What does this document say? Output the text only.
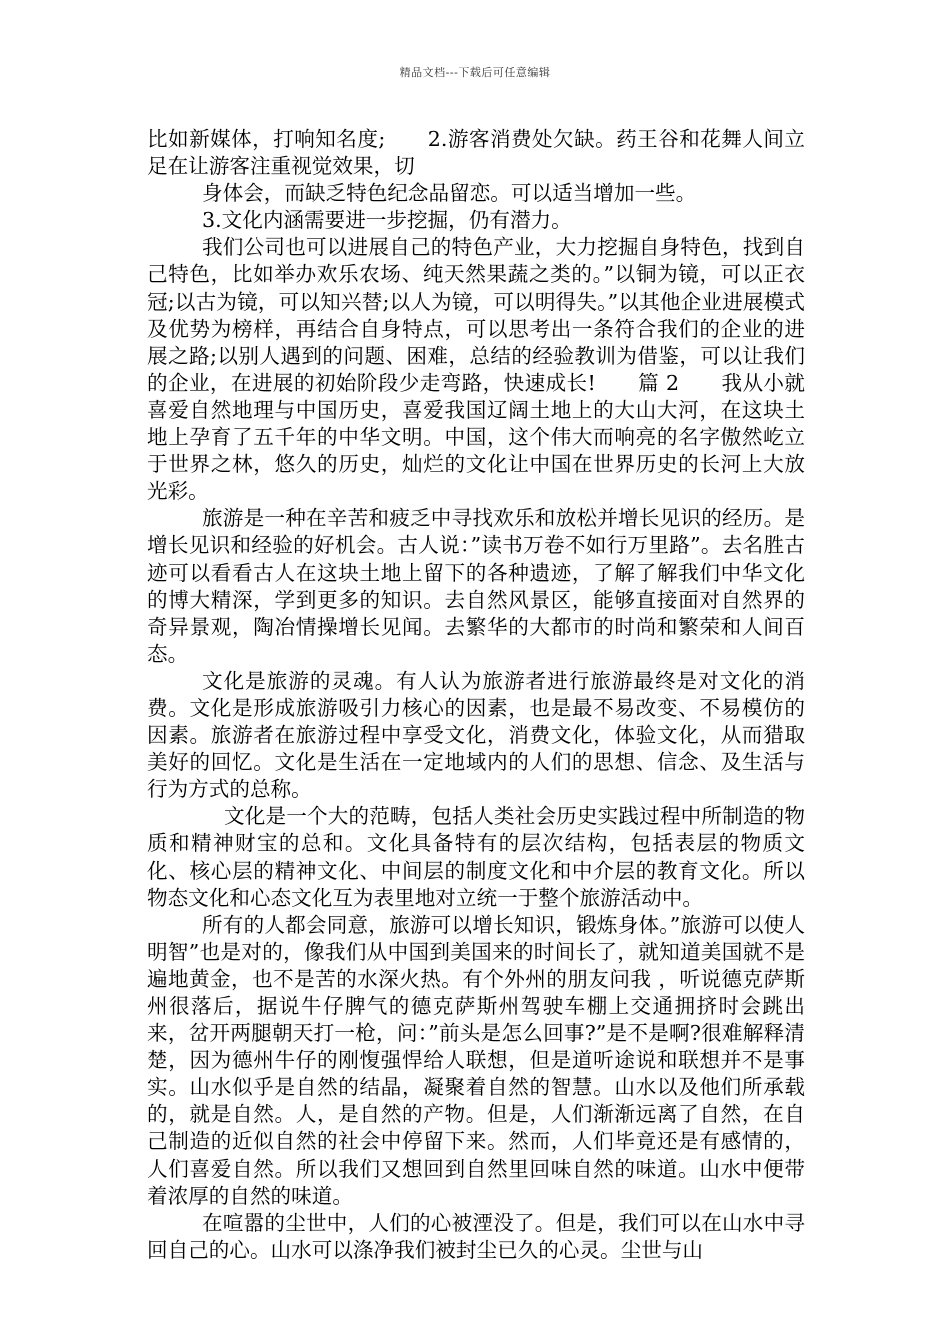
精品文档---下载后可任意编辑

比如新媒体，打响知名度;　　2.游客消费处欠缺。药王谷和花舞人间立足在让游客注重视觉效果，切

身体会，而缺乏特色纪念品留恋。可以适当增加一些。

3.文化内涵需要进一步挖掘，仍有潜力。

我们公司也可以进展自己的特色产业，大力挖掘自身特色，找到自己特色，比如举办欢乐农场、纯天然果蔬之类的。”以铜为镜，可以正衣冠;以古为镜，可以知兴替;以人为镜，可以明得失。”以其他企业进展模式及优势为榜样，再结合自身特点，可以思考出一条符合我们的企业的进展之路;以别人遇到的问题、困难，总结的经验教训为借鉴，可以让我们的企业，在进展的初始阶段少走弯路，快速成长!　　篇 2　　我从小就喜爱自然地理与中国历史，喜爱我国辽阔土地上的大山大河，在这块土地上孕育了五千年的中华文明。中国，这个伟大而响亮的名字傲然屹立于世界之林，悠久的历史，灿烂的文化让中国在世界历史的长河上大放光彩。

旅游是一种在辛苦和疲乏中寻找欢乐和放松并增长见识的经历。是增长见识和经验的好机会。古人说：”读书万卷不如行万里路”。去名胜古迹可以看看古人在这块土地上留下的各种遗迹，了解了解我们中华文化的博大精深，学到更多的知识。去自然风景区，能够直接面对自然界的奇异景观，陶冶情操增长见闻。去繁华的大都市的时尚和繁荣和人间百态。

文化是旅游的灵魂。有人认为旅游者进行旅游最终是对文化的消费。文化是形成旅游吸引力核心的因素，也是最不易改变、不易模仿的因素。旅游者在旅游过程中享受文化，消费文化，体验文化，从而猎取美好的回忆。文化是生活在一定地域内的人们的思想、信念、及生活与行为方式的总称。

文化是一个大的范畴，包括人类社会历史实践过程中所制造的物质和精神财宝的总和。文化具备特有的层次结构，包括表层的物质文化、核心层的精神文化、中间层的制度文化和中介层的教育文化。所以物态文化和心态文化互为表里地对立统一于整个旅游活动中。

所有的人都会同意，旅游可以增长知识，锻炼身体。”旅游可以使人明智”也是对的，像我们从中国到美国来的时间长了，就知道美国就不是遍地黄金，也不是苦的水深火热。有个外州的朋友问我 ，听说德克萨斯州很落后，据说牛仔脾气的德克萨斯州驾驶车棚上交通拥挤时会跳出来，岔开两腿朝天打一枪，问：”前头是怎么回事?”是不是啊?很难解释清楚，因为德州牛仔的刚愎强悍给人联想，但是道听途说和联想并不是事实。山水似乎是自然的结晶，凝聚着自然的智慧。山水以及他们所承载的，就是自然。人，是自然的产物。但是，人们渐渐远离了自然，在自己制造的近似自然的社会中停留下来。然而，人们毕竟还是有感情的，人们喜爱自然。所以我们又想回到自然里回味自然的味道。山水中便带着浓厚的自然的味道。

在喧嚣的尘世中，人们的心被湮没了。但是，我们可以在山水中寻回自己的心。山水可以涤净我们被封尘已久的心灵。尘世与山
